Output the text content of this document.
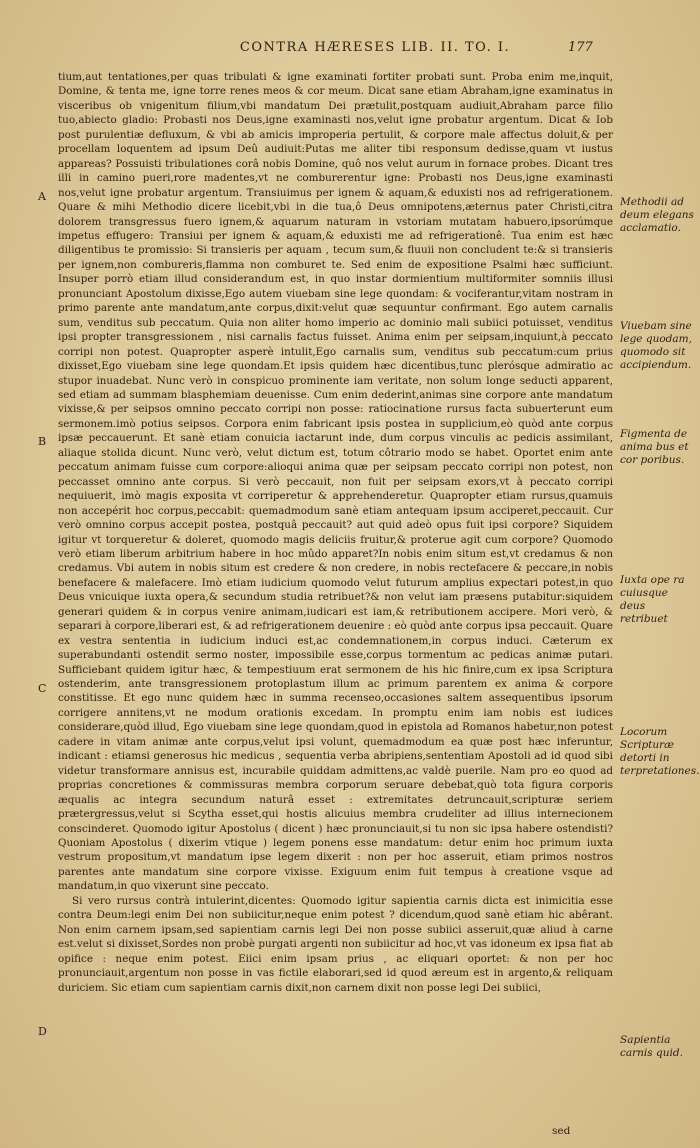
CONTRA HÆRESES LIB. II. TO. I.	177

tium,aut tentationes,per quas tribulati & igne examinati fortiter probati sunt. Proba enim me,inquit, Domine, & tenta me, igne torre renes meos & cor meum. Dicat sane etiam Abraham,igne examinatus in visceribus ob vnigenitum filium,vbi mandatum Dei prætulit,postquam audiuit,Abraham parce filio tuo,abiecto gladio: Probasti nos Deus,igne examinasti nos,velut igne probatur argentum. Dicat & Iob post purulentiæ defluxum, & vbi ab amicis improperia pertulit, & corpore male affectus doluit,& per procellam loquentem ad ipsum Deû audiuit:Putas me aliter tibi responsum dedisse,quam vt iustus appareas? Possuisti tribulationes corâ nobis Domine, quô nos velut aurum in fornace probes. Dicant tres illi in camino pueri,rore madentes,vt ne comburerentur igne: Probasti nos Deus,igne examinasti nos,velut igne probatur argentum. Transiuimus per ignem & aquam,& eduxisti nos ad refrigerationem. Quare & mihi Methodio dicere licebit,vbi in die tua,ô Deus omnipotens,æternus pater Christi,citra dolorem transgressus fuero ignem,& aquarum naturam in vstoriam mutatam habuero,ipsorúmque impetus effugero: Transiui per ignem & aquam,& eduxisti me ad refrigerationê. Tua enim est hæc diligentibus te promissio: Si transieris per aquam , tecum sum,& fluuii non concludent te:& si transieris per ignem,non combureris,flamma non comburet te. Sed enim de expositione Psalmi hæc sufficiunt. Insuper porrò etiam illud considerandum est, in quo instar dormientium multiformiter somniis illusi pronunciant Apostolum dixisse,Ego autem viuebam sine lege quondam: & vociferantur,vitam nostram in primo parente ante mandatum,ante corpus,dixit:velut quæ sequuntur confirmant. Ego autem carnalis sum, venditus sub peccatum. Quia non aliter homo imperio ac dominio mali subiici potuisset, venditus ipsi propter transgressionem , nisi carnalis factus fuisset. Anima enim per seipsam,inquiunt,à peccato corripi non potest. Quapropter asperè intulit,Ego carnalis sum, venditus sub peccatum:cum prius dixisset,Ego viuebam sine lege quondam.Et ipsis quidem hæc dicentibus,tunc plerósque admiratio ac stupor inuadebat. Nunc verò in conspicuo prominente iam veritate, non solum longe seducti apparent, sed etiam ad summam blasphemiam deuenisse. Cum enim dederint,animas sine corpore ante mandatum vixisse,& per seipsos omnino peccato corripi non posse: ratiocinatione rursus facta subuerterunt eum sermonem.imò potius seipsos. Corpora enim fabricant ipsis postea in supplicium,eò quòd ante corpus ipsæ peccauerunt. Et sanè etiam conuicia iactarunt inde, dum corpus vinculis ac pedicis assimilant, aliaque stolida dicunt. Nunc verò, velut dictum est, totum côtrario modo se habet. Oportet enim ante peccatum animam fuisse cum corpore:alioqui anima quæ per seipsam peccato corripi non potest, non peccasset omnino ante corpus. Si verò peccauit, non fuit per seipsam exors,vt à peccato corripi nequiuerit, imò magis exposita vt corriperetur & apprehenderetur. Quapropter etiam rursus,quamuis non accepérit hoc corpus,peccabit: quemadmodum sanè etiam antequam ipsum acciperet,peccauit. Cur verò omnino corpus accepit postea, postquâ peccauit? aut quid adeò opus fuit ipsi corpore? Siquidem igitur vt torqueretur & doleret, quomodo magis deliciis fruitur,& proterue agit cum corpore? Quomodo verò etiam liberum arbitrium habere in hoc mûdo apparet?In nobis enim situm est,vt credamus & non credamus. Vbi autem in nobis situm est credere & non credere, in nobis rectefacere & peccare,in nobis benefacere & malefacere. Imò etiam iudicium quomodo velut futurum amplius expectari potest,in quo Deus vnicuique iuxta opera,& secundum studia retribuet?& non velut iam præsens putabitur:siquidem generari quidem & in corpus venire animam,iudicari est iam,& retributionem accipere. Mori verò, & separari à corpore,liberari est, & ad refrigerationem deuenire : eò quòd ante corpus ipsa peccauit. Quare ex vestra sententia in iudicium induci est,ac condemnationem,in corpus induci. Cæterum ex superabundanti ostendit sermo noster, impossibile esse,corpus tormentum ac pedicas animæ putari. Sufficiebant quidem igitur hæc, & tempestiuum erat sermonem de his hic finire,cum ex ipsa Scriptura ostenderim, ante transgressionem protoplastum illum ac primum parentem ex anima & corpore constitisse. Et ego nunc quidem hæc in summa recenseo,occasiones saltem assequentibus ipsorum corrigere annitens,vt ne modum orationis excedam. In promptu enim iam nobis est iudices considerare,quòd illud, Ego viuebam sine lege quondam,quod in epistola ad Romanos habetur,non potest cadere in vitam animæ ante corpus,velut ipsi volunt, quemadmodum ea quæ post hæc inferuntur, indicant : etiamsi generosus hic medicus , sequentia verba abripiens,sententiam Apostoli ad id quod sibi videtur transformare annisus est, incurabile quiddam admittens,ac valdè puerile. Nam pro eo quod ad proprias concretiones & commissuras membra corporum seruare debebat,quò tota figura corporis æqualis ac integra secundum naturâ esset : extremitates detruncauit,scripturæ seriem prætergressus,velut si Scytha esset,qui hostis alicuius membra crudeliter ad illius internecionem conscinderet. Quomodo igitur Apostolus ( dicent ) hæc pronunciauit,si tu non sic ipsa habere ostendisti? Quoniam Apostolus ( dixerim vtique ) legem ponens esse mandatum: detur enim hoc primum iuxta vestrum propositum,vt mandatum ipse legem dixerit : non per hoc asseruit, etiam primos nostros parentes ante mandatum sine corpore vixisse. Exiguum enim fuit tempus à creatione vsque ad mandatum,in quo vixerunt sine peccato.

Si vero rursus contrà intulerint,dicentes: Quomodo igitur sapientia carnis dicta est inimicitia esse contra Deum:legi enim Dei non subiicitur,neque enim potest ? dicendum,quod sanè etiam hic abêrant. Non enim carnem ipsam,sed sapientiam carnis legi Dei non posse subiici asseruit,quæ aliud à carne est.velut si dixisset,Sordes non probè purgati argenti non subiicitur ad hoc,vt vas idoneum ex ipsa fiat ab opifice : neque enim potest. Eiici enim ipsam prius , ac eliquari oportet: & non per hoc pronunciauit,argentum non posse in vas fictile elaborari,sed id quod æreum est in argento,& reliquam duriciem. Sic etiam cum sapientiam carnis dixit,non carnem dixit non posse legi Dei subiici,

A
B
C
D
Methodii ad deum elegans acclamatio.
Viuebam sine lege quodam, quomodo sit accipiendum.
Figmenta de anima bus et cor poribus.
Iuxta ope ra cuiusque deus retribuet
Locorum Scripturæ detorti in terpretationes.
Sapientia carnis quid.
sed
